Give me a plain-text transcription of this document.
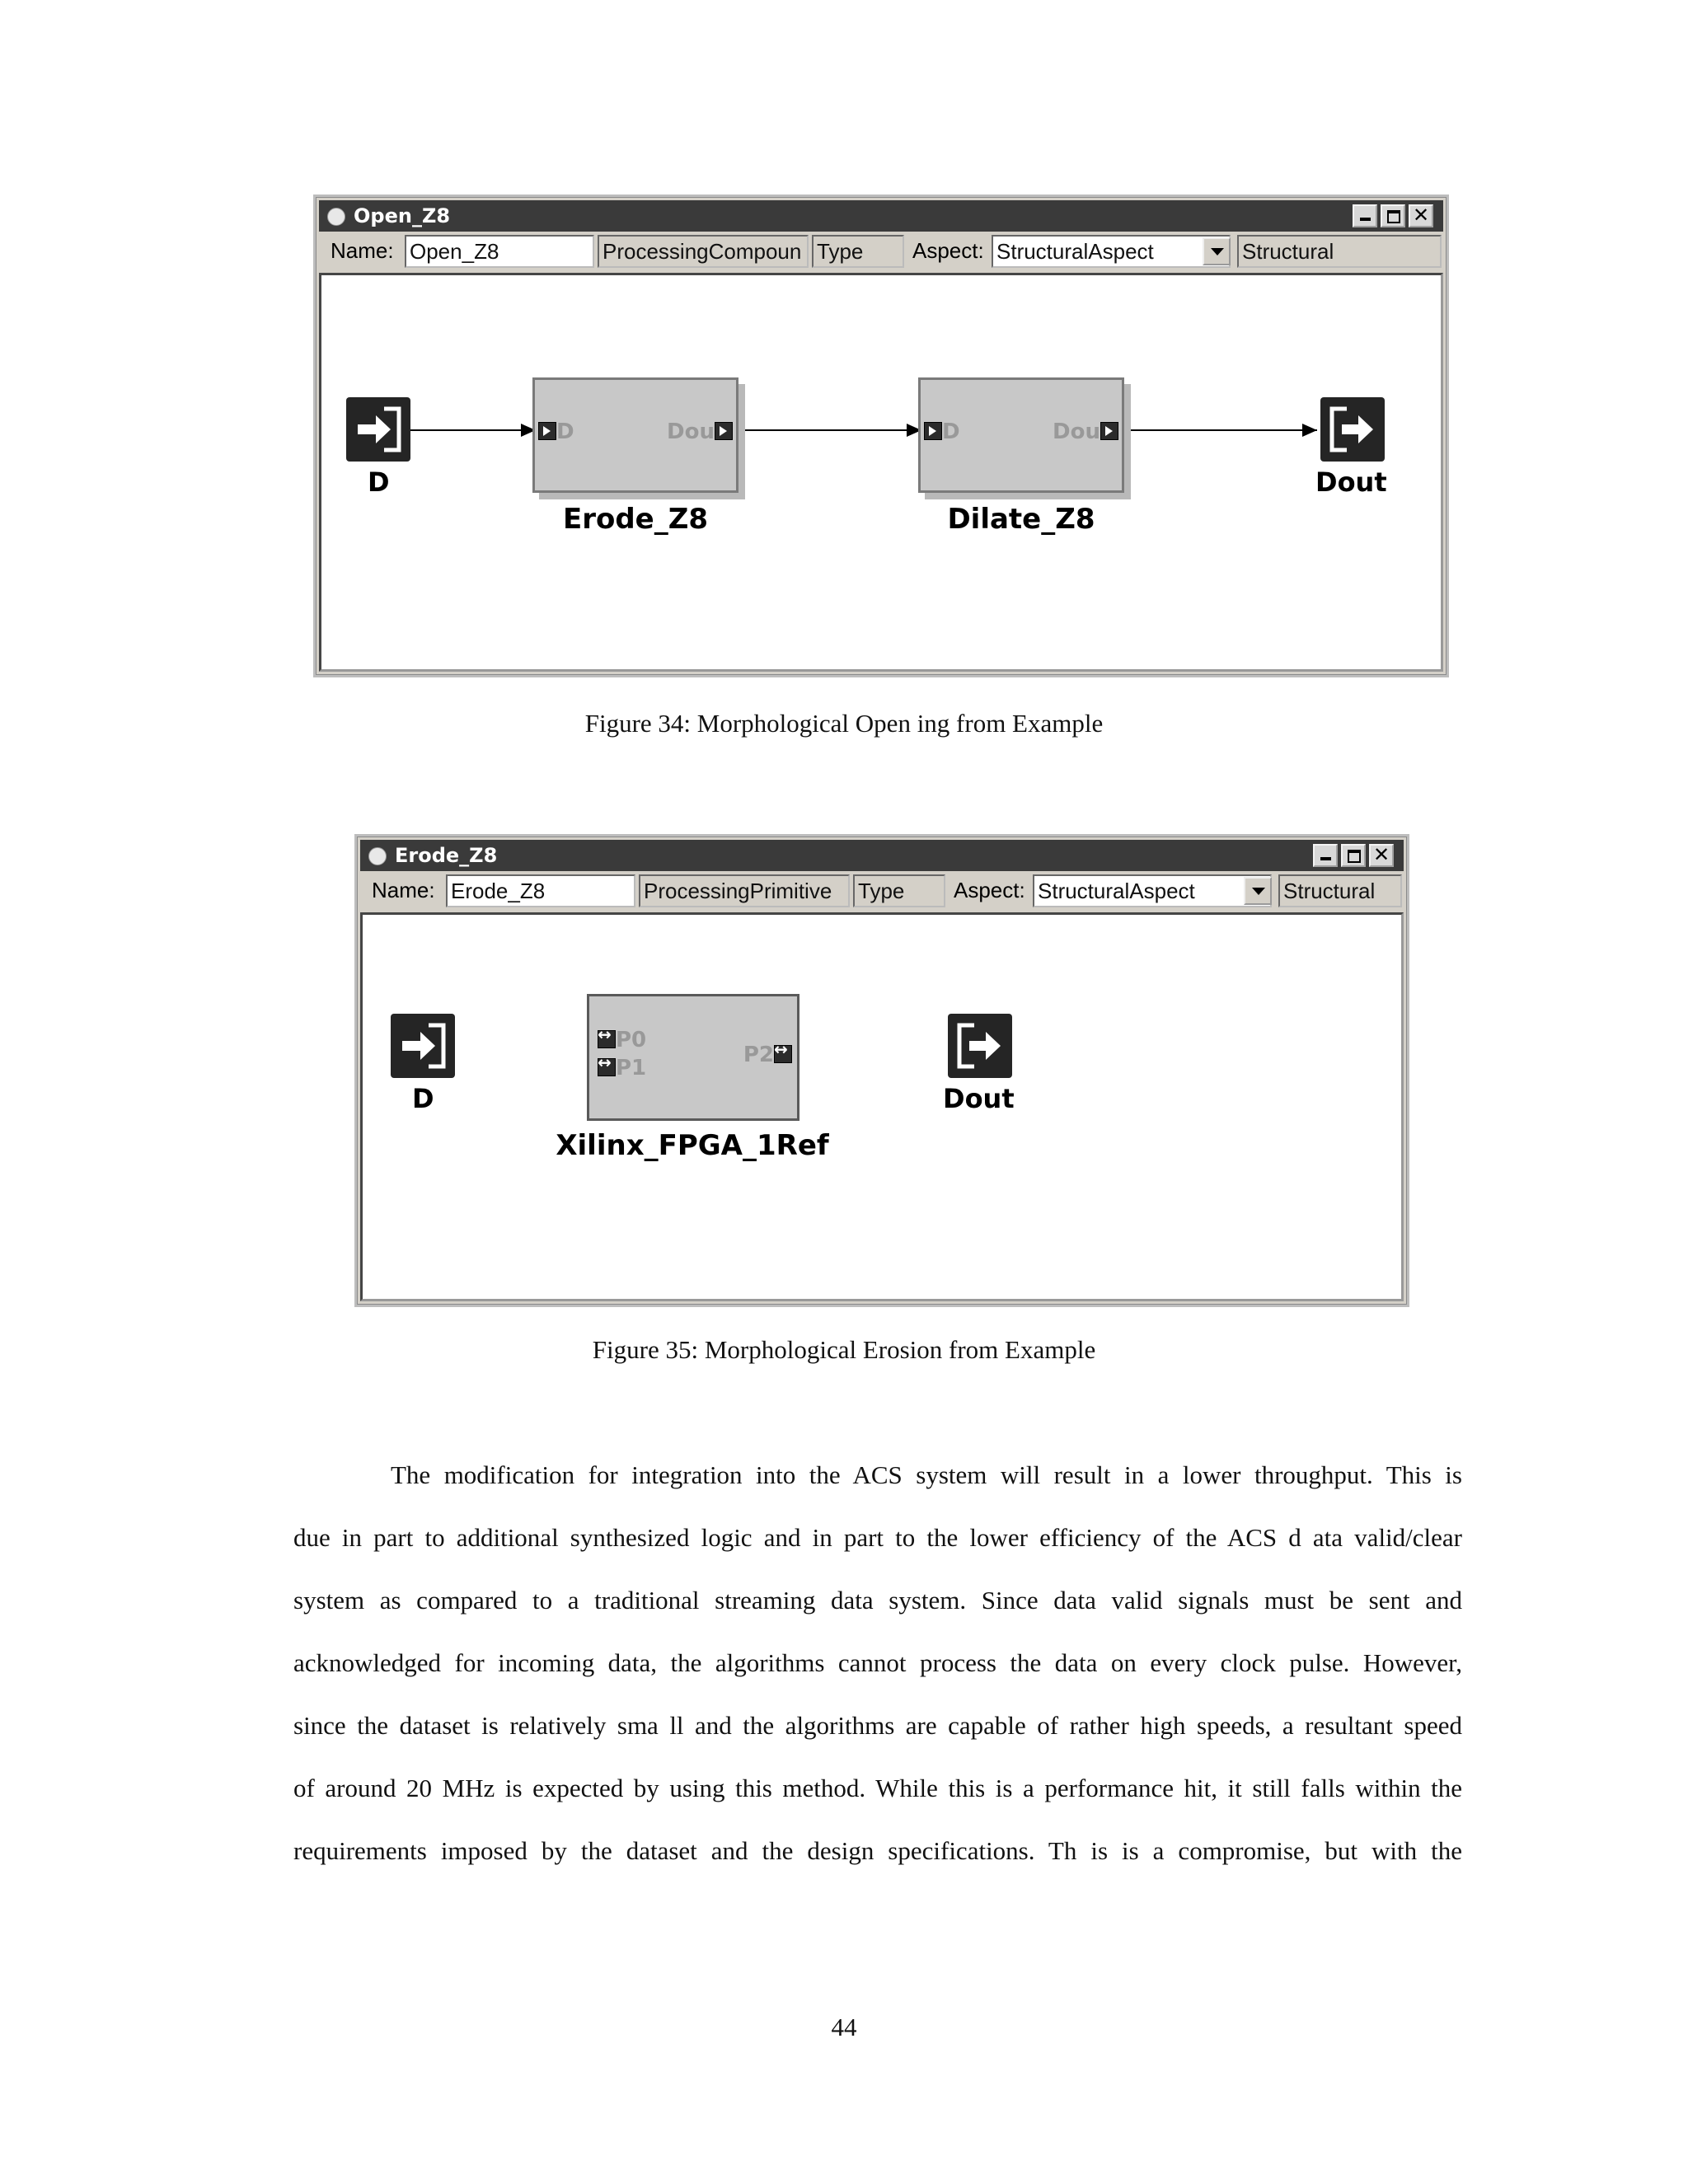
Open_Z8	✕
Name: Open_Z8	ProcessingCompoun Type	Aspect: StructuralAspect	Structural
D
D	Dou
Erode_Z8
D	Dou
Dilate_Z8
Dout
Figure 34: Morphological Open ing from Example
Erode_Z8	✕
Name: Erode_Z8	ProcessingPrimitive	Type	Aspect: StructuralAspect	Structural
D
↔P0
↔P1
P2↔
Xilinx_FPGA_1Ref
Dout
Figure 35: Morphological Erosion from Example
The modification for integration into the ACS system will result in a lower throughput. This is
due in part to additional synthesized logic and in part to the lower efficiency of the ACS d ata valid/clear
system as compared to a traditional streaming data system. Since data valid signals must be sent and
acknowledged for incoming data, the algorithms cannot process the data on every clock pulse. However,
since the dataset is relatively sma ll and the algorithms are capable of rather high speeds, a resultant speed
of around 20 MHz is expected by using this method. While this is a performance hit, it still falls within the
requirements imposed by the dataset and the design specifications. Th is is a compromise, but with the
44
